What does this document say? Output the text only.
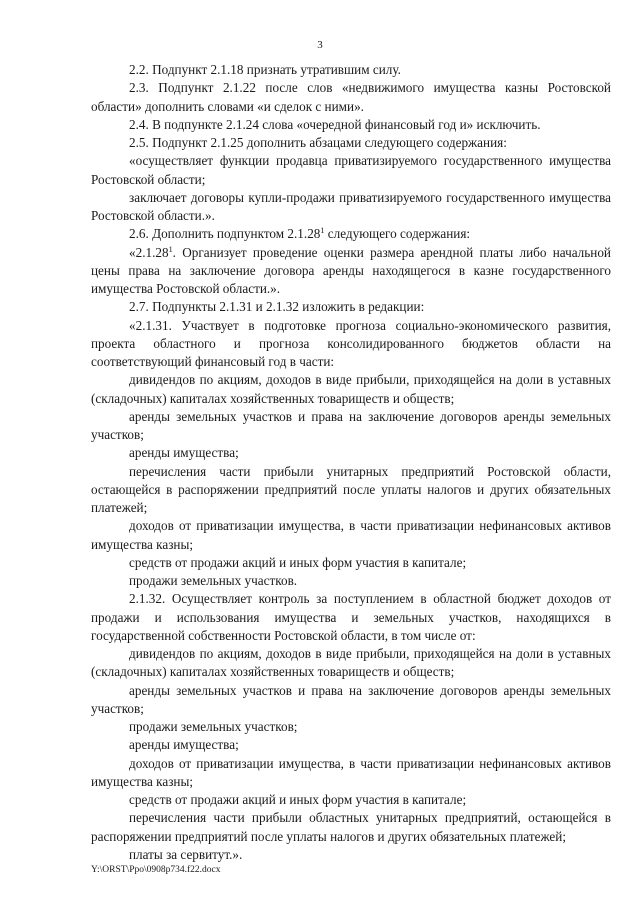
3

2.2. Подпункт 2.1.18 признать утратившим силу.

2.3. Подпункт 2.1.22 после слов «недвижимого имущества казны Ростовской области» дополнить словами «и сделок с ними».

2.4. В подпункте 2.1.24 слова «очередной финансовый год и» исключить.

2.5. Подпункт 2.1.25 дополнить абзацами следующего содержания:

«осуществляет функции продавца приватизируемого государственного имущества Ростовской области;

заключает договоры купли-продажи приватизируемого государственного имущества Ростовской области.».

2.6. Дополнить подпунктом 2.1.28$^1$ следующего содержания:

«2.1.28$^1$. Организует проведение оценки размера арендной платы либо начальной цены права на заключение договора аренды находящегося в казне государственного имущества Ростовской области.».

2.7. Подпункты 2.1.31 и 2.1.32 изложить в редакции:

«2.1.31. Участвует в подготовке прогноза социально-экономического развития, проекта областного и прогноза консолидированного бюджетов области на соответствующий финансовый год в части:

дивидендов по акциям, доходов в виде прибыли, приходящейся на доли в уставных (складочных) капиталах хозяйственных товариществ и обществ;

аренды земельных участков и права на заключение договоров аренды земельных участков;

аренды имущества;

перечисления части прибыли унитарных предприятий Ростовской области, остающейся в распоряжении предприятий после уплаты налогов и других обязательных платежей;

доходов от приватизации имущества, в части приватизации нефинансовых активов имущества казны;

средств от продажи акций и иных форм участия в капитале;

продажи земельных участков.

2.1.32. Осуществляет контроль за поступлением в областной бюджет доходов от продажи и использования имущества и земельных участков, находящихся в государственной собственности Ростовской области, в том числе от:

дивидендов по акциям, доходов в виде прибыли, приходящейся на доли в уставных (складочных) капиталах хозяйственных товариществ и обществ;

аренды земельных участков и права на заключение договоров аренды земельных участков;

продажи земельных участков;

аренды имущества;

доходов от приватизации имущества, в части приватизации нефинансовых активов имущества казны;

средств от продажи акций и иных форм участия в капитале;

перечисления части прибыли областных унитарных предприятий, остающейся в распоряжении предприятий после уплаты налогов и других обязательных платежей;

платы за сервитут.».

Y:\ORST\Ppo\0908p734.f22.docx
